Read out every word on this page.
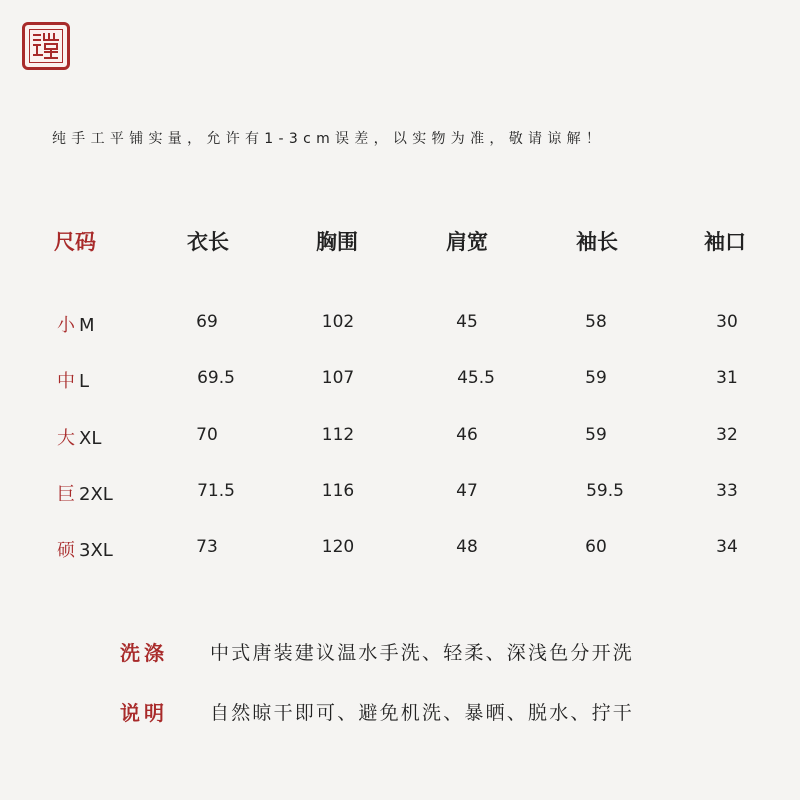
纯手工平铺实量，允许有1-3cm误差，以实物为准，敬请谅解！
尺码	衣长	胸围	肩宽	袖长	袖口
小 M	69	102	45	58	30
中 L	69.5	107	45.5	59	31
大 XL	70	112	46	59	32
巨 2XL	71.5	116	47	59.5	33
硕 3XL	73	120	48	60	34
洗涤 中式唐装建议温水手洗、轻柔、深浅色分开洗
说明 自然晾干即可、避免机洗、暴晒、脱水、拧干
